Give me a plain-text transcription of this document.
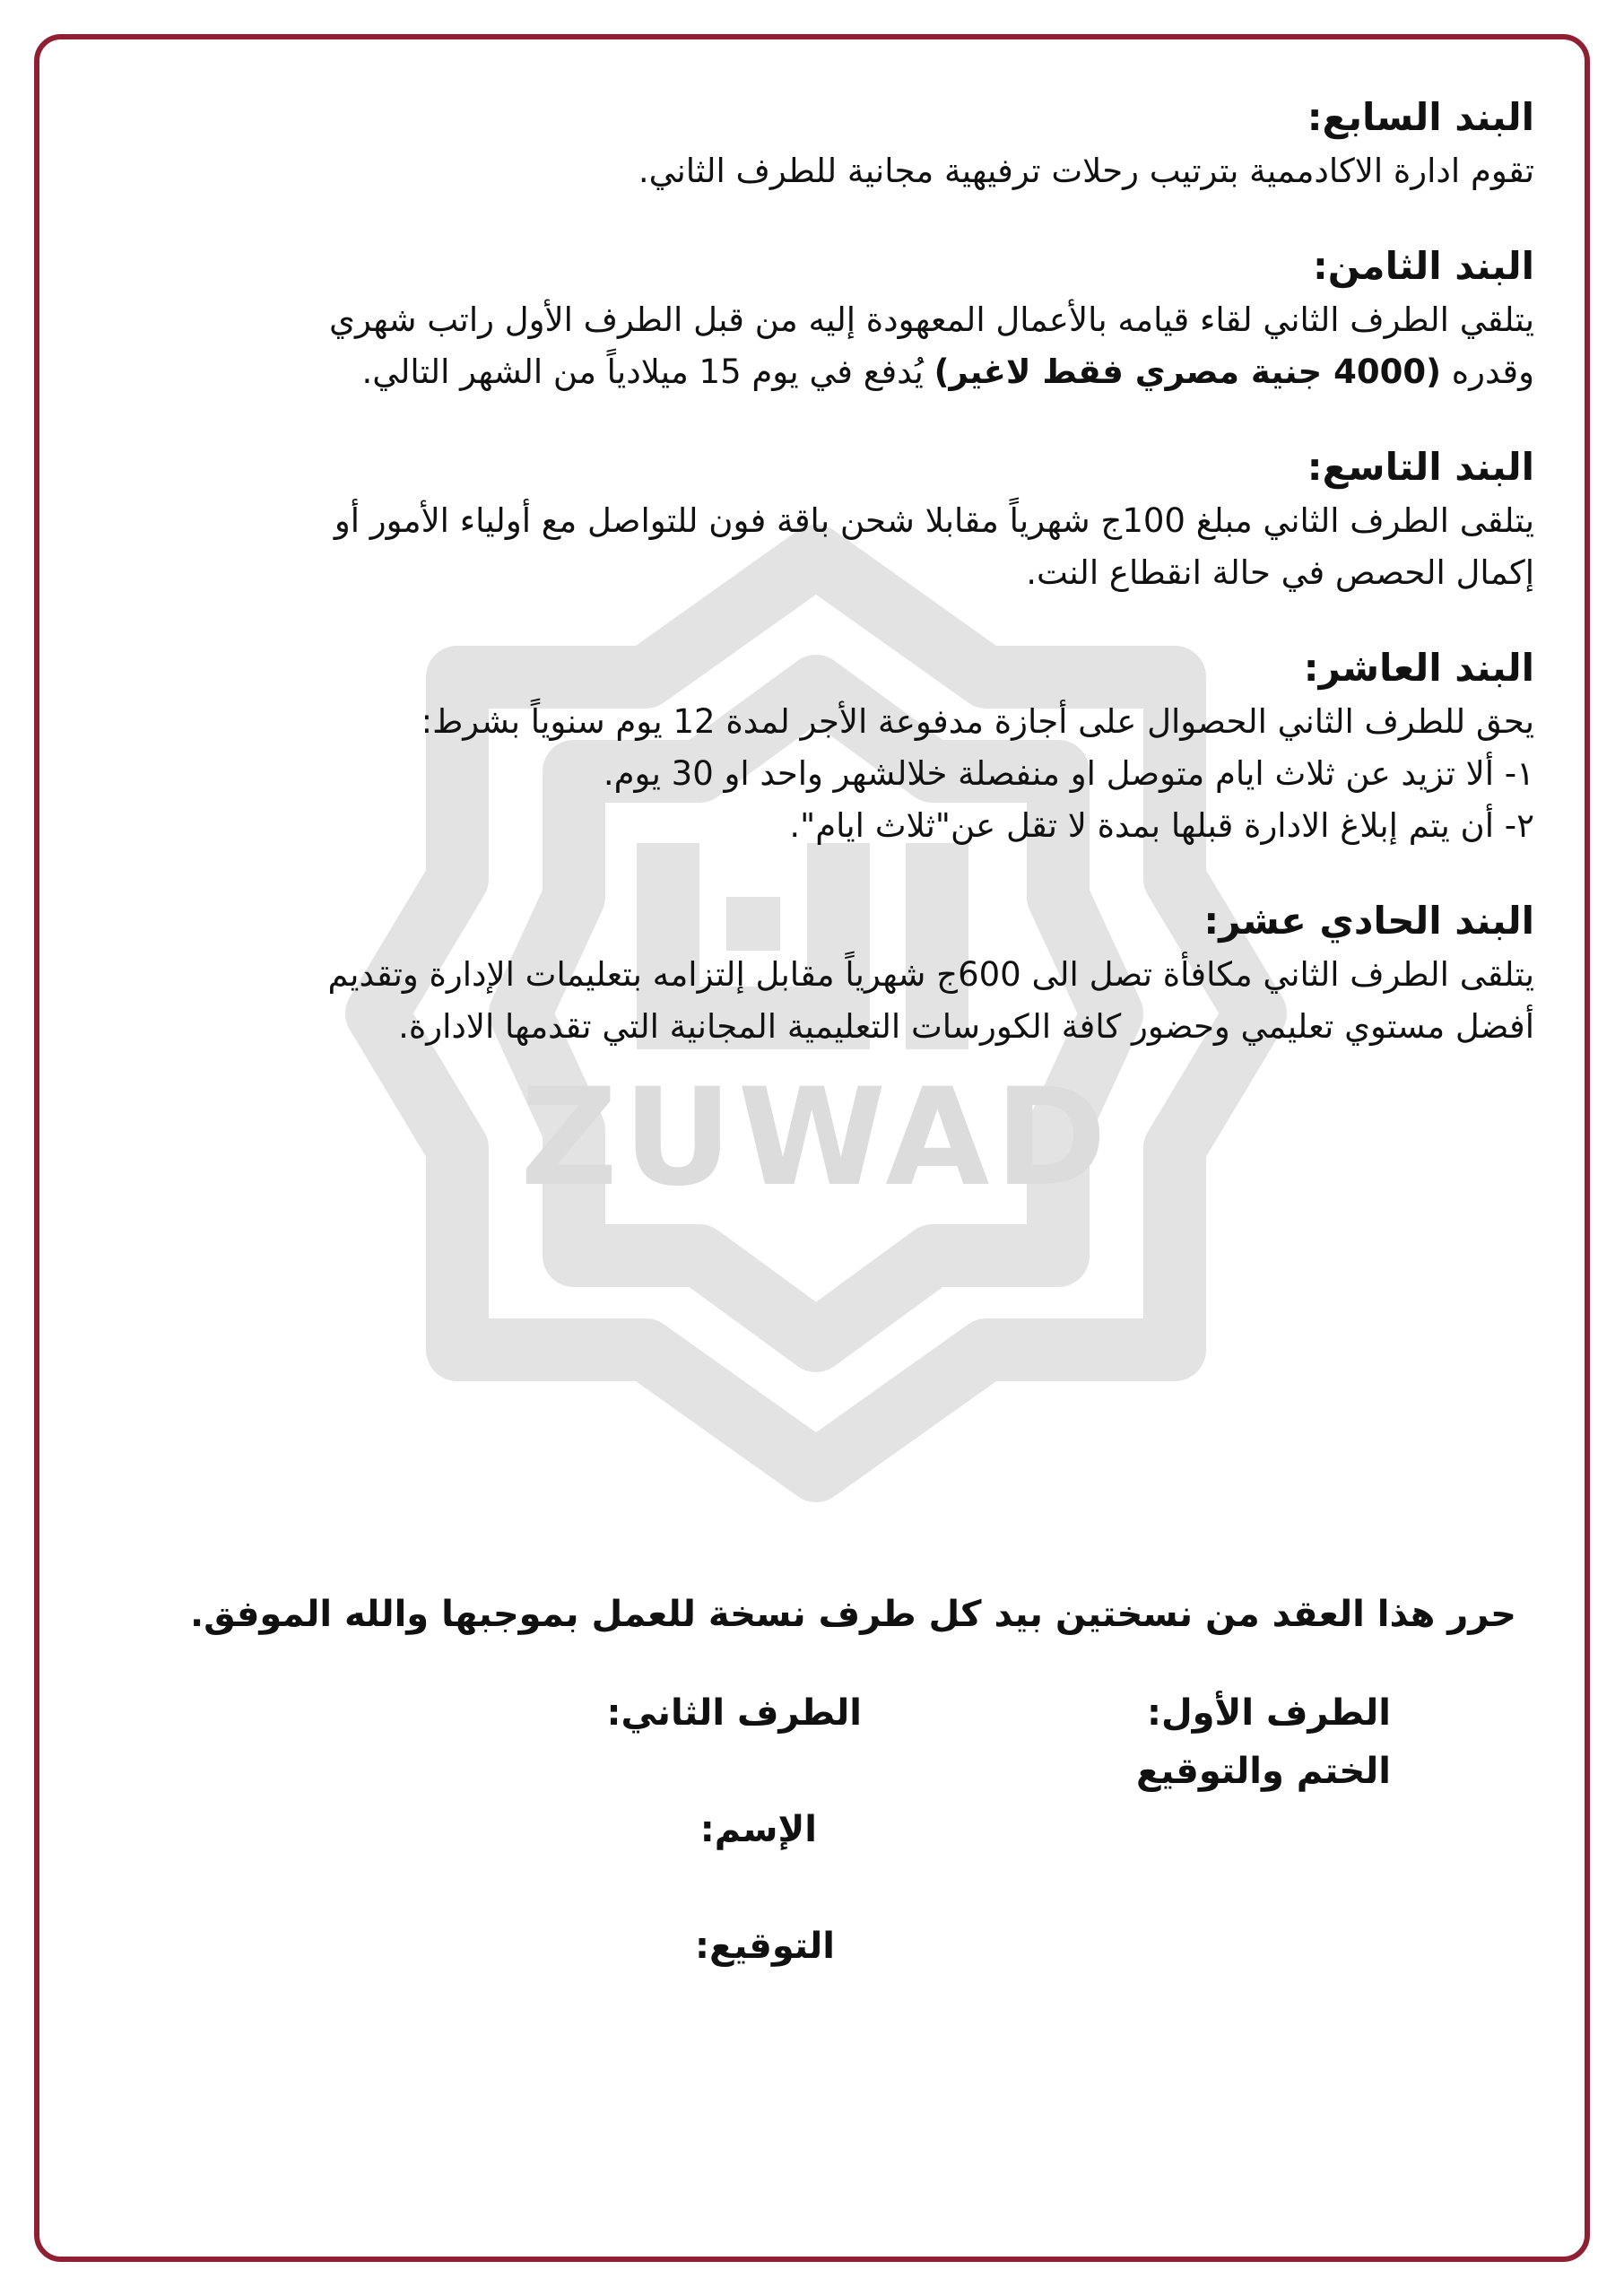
ZUWAD
البند السابع:
تقوم ادارة الاكادممية بترتيب رحلات ترفيهية مجانية للطرف الثاني.
البند الثامن:
يتلقي الطرف الثاني لقاء قيامه بالأعمال المعهودة إليه من قبل الطرف الأول راتب شهري
وقدره (4000 جنية مصري فقط لاغير) يُدفع في يوم 15 ميلادياً من الشهر التالي.
البند التاسع:
يتلقى الطرف الثاني مبلغ 100ج شهرياً مقابلا شحن باقة فون للتواصل مع أولياء الأمور أو
إكمال الحصص في حالة انقطاع النت.
البند العاشر:
يحق للطرف الثاني الحصوال على أجازة مدفوعة الأجر لمدة 12 يوم سنوياً بشرط:
١- ألا تزيد عن ثلاث ايام متوصل او منفصلة خلالشهر واحد او 30 يوم.
٢- أن يتم إبلاغ الادارة قبلها بمدة لا تقل عن"ثلاث ايام".
البند الحادي عشر:
يتلقى الطرف الثاني مكافأة تصل الى 600ج شهرياً مقابل إلتزامه بتعليمات الإدارة وتقديم
أفضل مستوي تعليمي وحضور كافة الكورسات التعليمية المجانية التي تقدمها الادارة.
حرر هذا العقد من نسختين بيد كل طرف نسخة للعمل بموجبها والله الموفق.
الطرف الأول:
الختم والتوقيع
الطرف الثاني:
الإسم:
التوقيع:
